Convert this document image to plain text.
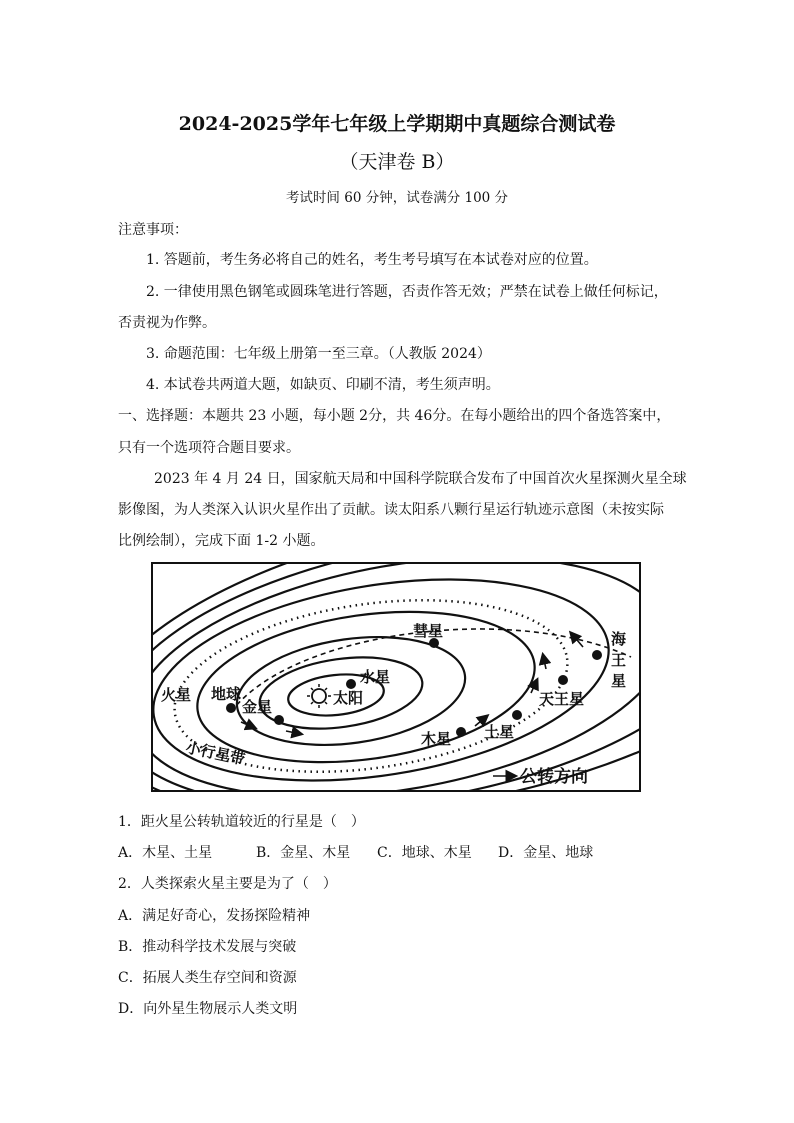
2024-2025学年七年级上学期期中真题综合测试卷
（天津卷 B）
考试时间 60 分钟，试卷满分 100 分
注意事项：
1. 答题前，考生务必将自己的姓名，考生考号填写在本试卷对应的位置。
2. 一律使用黑色钢笔或圆珠笔进行答题，否责作答无效；严禁在试卷上做任何标记，
否责视为作弊。
3. 命题范围：七年级上册第一至三章。（人教版 2024）
4. 本试卷共两道大题，如缺页、印刷不清，考生须声明。
一、选择题：本题共 23 小题，每小题 2分，共 46分。在每小题给出的四个备选答案中，
只有一个选项符合题目要求。
2023 年 4 月 24 日，国家航天局和中国科学院联合发布了中国首次火星探测火星全球
影像图，为人类深入认识火星作出了贡献。读太阳系八颗行星运行轨迹示意图（未按实际
比例绘制），完成下面 1-2 小题。
彗星
水星
太阳
火星 地球
金星
小行星带	木星 土星
天王星
海
王
星
公转方向
1．距火星公转轨道较近的行星是（　）
A．木星、土星	B．金星、木星 C．地球、木星 D．金星、地球
2．人类探索火星主要是为了（　）
A．满足好奇心，发扬探险精神
B．推动科学技术发展与突破
C．拓展人类生存空间和资源
D．向外星生物展示人类文明
